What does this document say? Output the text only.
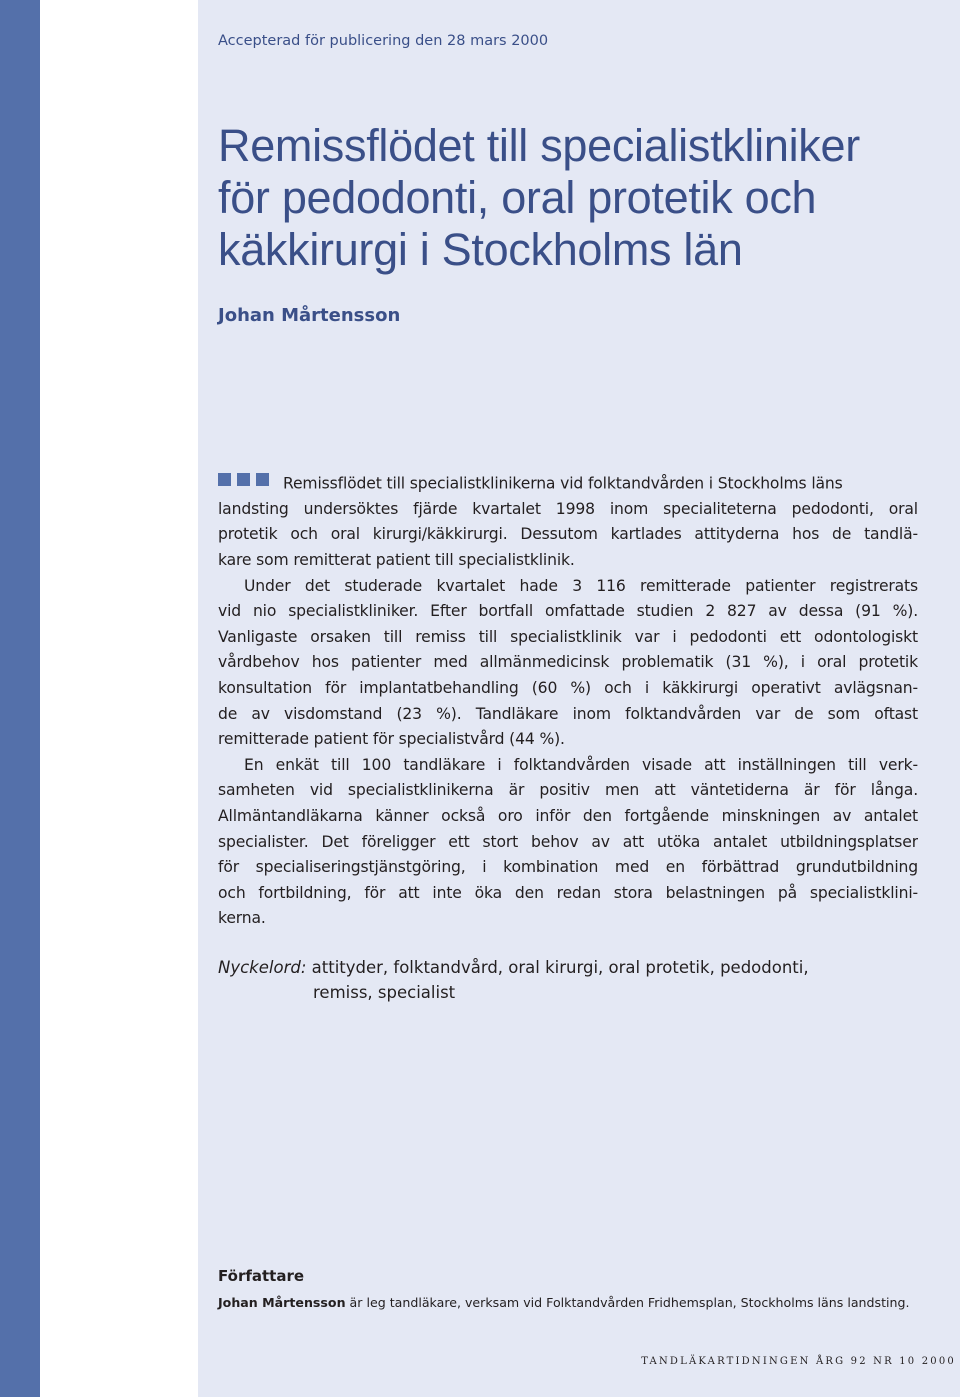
Accepterad för publicering den 28 mars 2000

Remissflödet till specialistkliniker
för pedodonti, oral protetik och
käkkirurgi i Stockholms län

Johan Mårtensson

Remissflödet till specialistklinikerna vid folktandvården i Stockholms läns
landsting undersöktes fjärde kvartalet 1998 inom specialiteterna pedodonti, oral
protetik och oral kirurgi/käkkirurgi. Dessutom kartlades attityderna hos de tandlä-
kare som remitterat patient till specialistklinik.
Under det studerade kvartalet hade 3 116 remitterade patienter registrerats
vid nio specialistkliniker. Efter bortfall omfattade studien 2 827 av dessa (91 %).
Vanligaste orsaken till remiss till specialistklinik var i pedodonti ett odontologiskt
vårdbehov hos patienter med allmänmedicinsk problematik (31 %), i oral protetik
konsultation för implantatbehandling (60 %) och i käkkirurgi operativt avlägsnan-
de av visdomstand (23 %). Tandläkare inom folktandvården var de som oftast
remitterade patient för specialistvård (44 %).
En enkät till 100 tandläkare i folktandvården visade att inställningen till verk-
samheten vid specialistklinikerna är positiv men att väntetiderna är för långa.
Allmäntandläkarna känner också oro inför den fortgående minskningen av antalet
specialister. Det föreligger ett stort behov av att utöka antalet utbildningsplatser
för specialiseringstjänstgöring, i kombination med en förbättrad grundutbildning
och fortbildning, för att inte öka den redan stora belastningen på specialistklini-
kerna.
Nyckelord: attityder, folktandvård, oral kirurgi, oral protetik, pedodonti,
remiss, specialist

Författare

Johan Mårtensson är leg tandläkare, verksam vid Folktandvården Fridhemsplan, Stockholms läns landsting.

TANDLÄKARTIDNINGEN ÅRG 92 NR 10 2000
